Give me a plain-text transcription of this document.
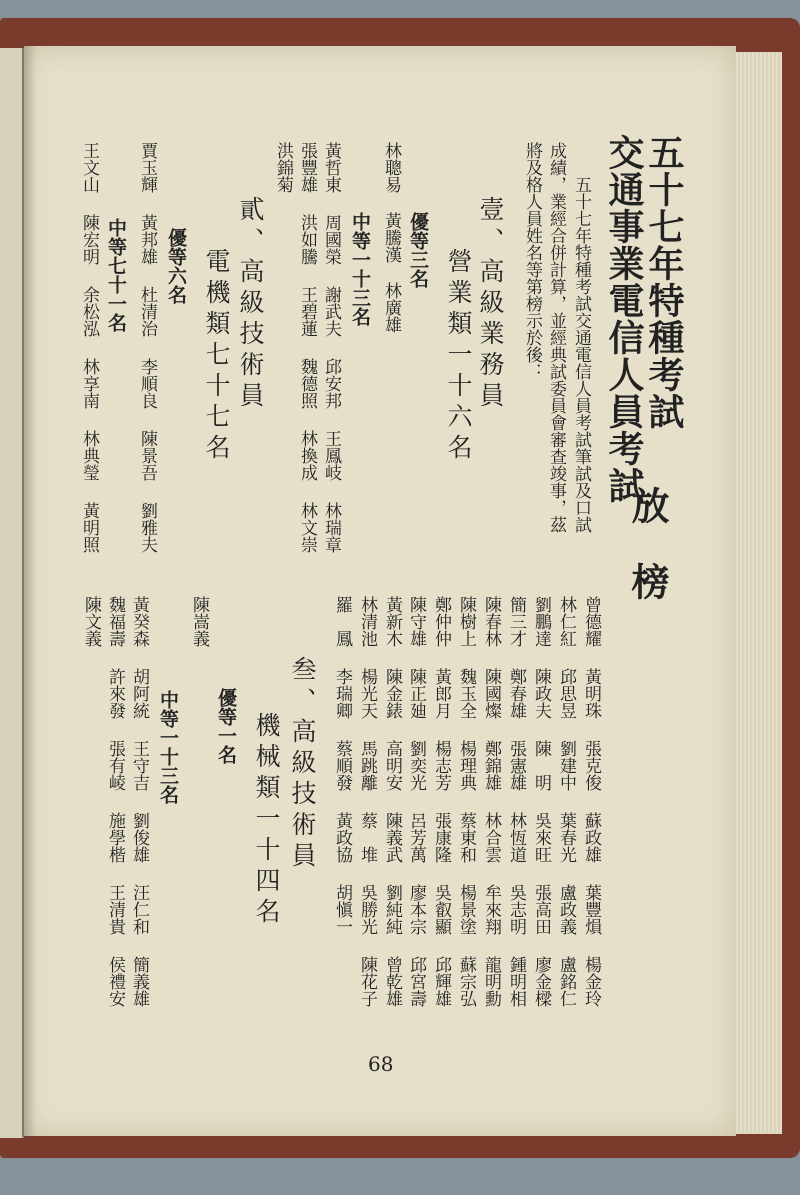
五十七年特種考試
交通事業電信人員考試
放　榜
五十七年特種考試交通電信人員考試筆試及口試
成績，業經合併計算，並經典試委員會審查竣事，茲
將及格人員姓名等第榜示於後：
壹、高級業務員
營業類一十六名
優等三名
林聰易
黃騰漢
林廣雄
中等一十三名
黃哲東
周國榮
謝武夫
邱安邦
王鳳岐
林瑞章
張豐雄
洪如騰
王碧蓮
魏德照
林換成
林文崇
洪錦菊
貳、高級技術員
電機類七十七名
優等六名
賈玉輝
黃邦雄
杜清治
李順良
陳景吾
劉雅夫
中等七十一名
王文山
陳宏明
余松泓
林享南
林典瑩
黃明照
曾德耀
黃明珠
張克俊
蘇政雄
葉豐熉
楊金玲
林仁紅
邱思昱
劉建中
葉春光
盧政義
盧銘仁
劉鵬達
陳政夫
陳　明
吳來旺
張高田
廖金樑
簡三才
鄭春雄
張憲雄
林恆道
吳志明
鍾明相
陳春林
陳國燦
鄭錦雄
林合雲
牟來翔
龍明勳
陳樹上
魏玉全
楊理典
蔡東和
楊景塗
蘇宗弘
鄭仲仲
黃郎月
楊志芳
張康隆
吳叡顯
邱輝雄
陳守雄
陳正廸
劉奕光
呂芳萬
廖本宗
邱宮壽
黃新木
陳金錶
高明安
陳義武
劉純純
曾乾雄
林清池
楊光天
馬跳離
蔡　堆
吳勝光
陳花子
羅　鳳
李瑞卿
蔡順發
黃政協
胡愼一
叁、高級技術員
機械類一十四名
優等一名
陳嵩義
中等一十三名
黃癸森
胡阿統
王守吉
劉俊雄
汪仁和
簡義雄
魏福壽
許來發
張有崚
施學楷
王清貴
侯禮安
陳文義
68
